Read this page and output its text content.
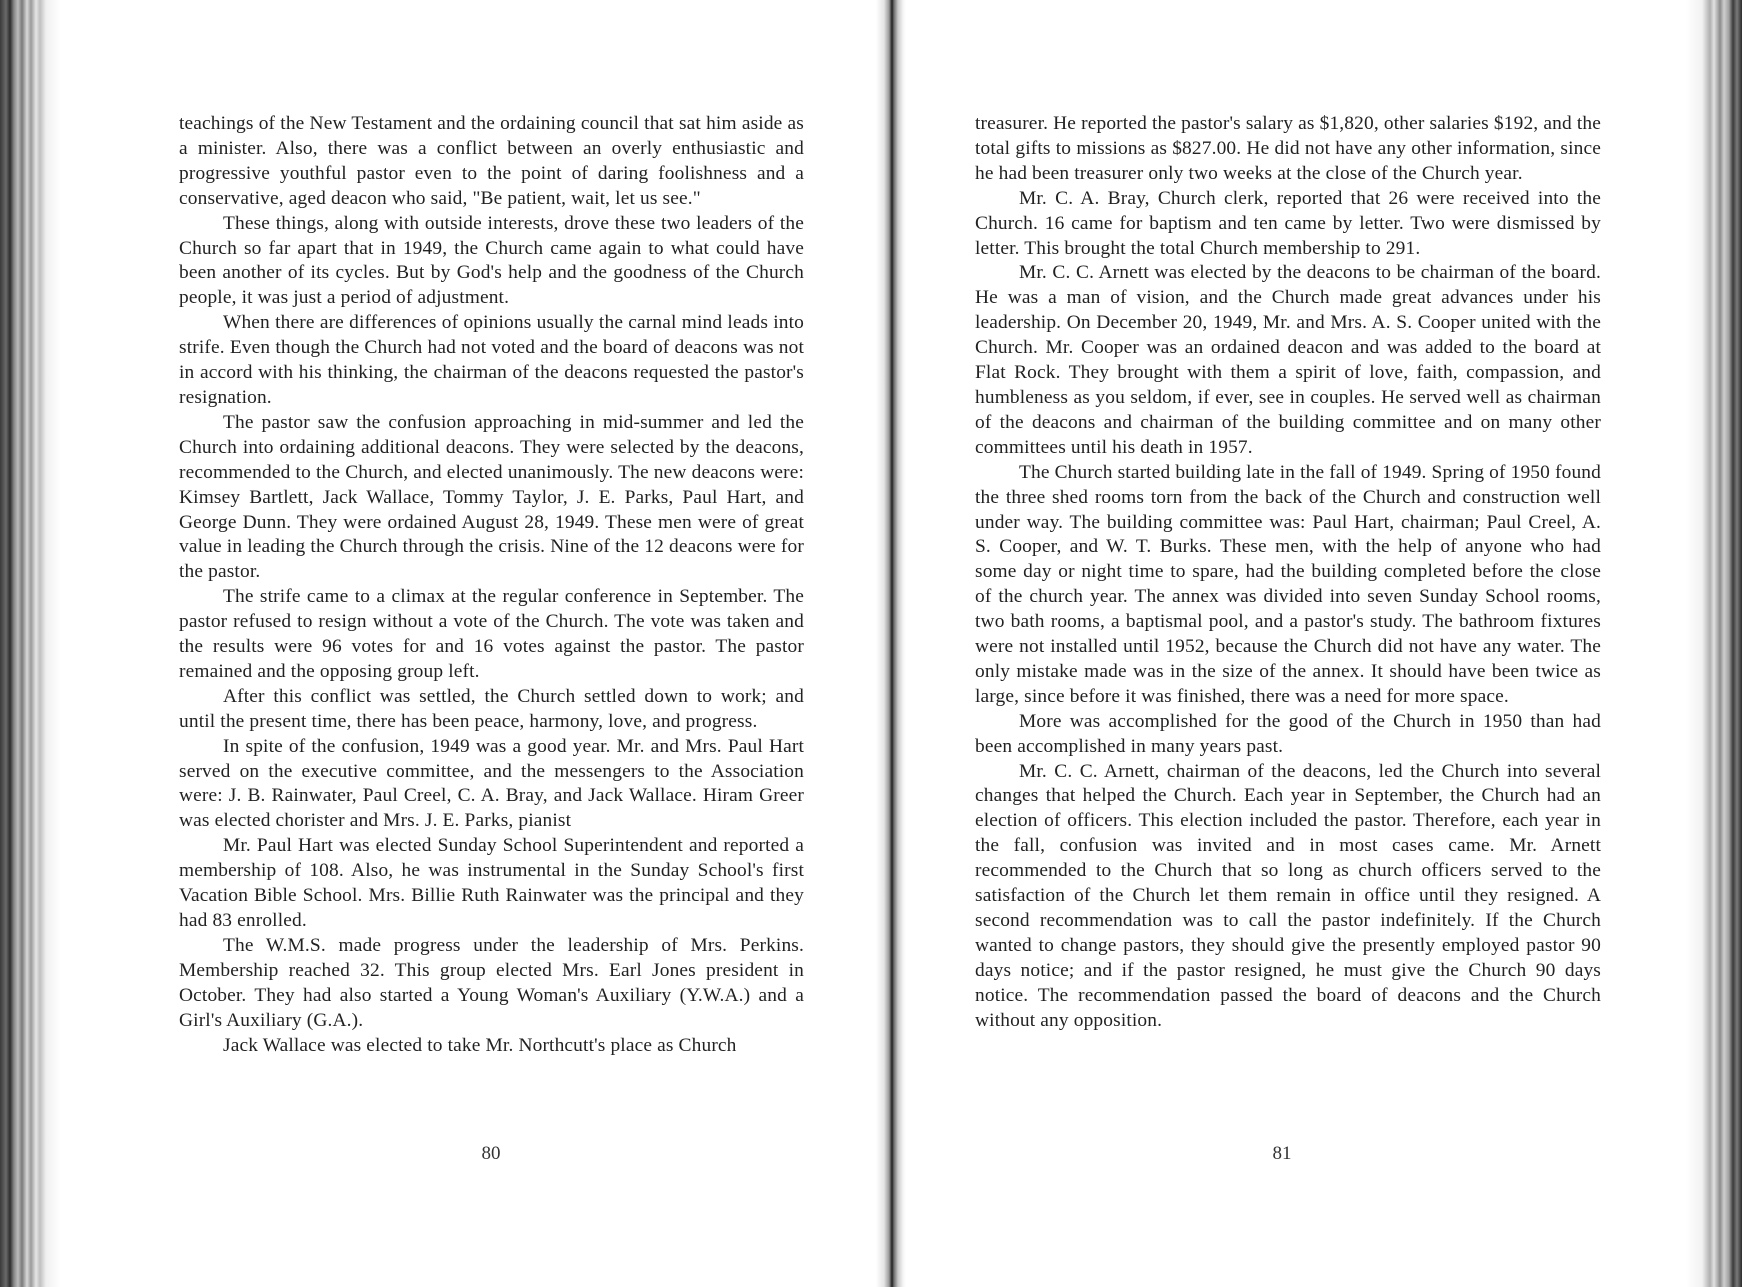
teachings of the New Testament and the ordaining council that sat him aside as a minister. Also, there was a conflict between an overly enthusiastic and progressive youthful pastor even to the point of daring foolishness and a conservative, aged deacon who said, "Be patient, wait, let us see."

These things, along with outside interests, drove these two leaders of the Church so far apart that in 1949, the Church came again to what could have been another of its cycles. But by God's help and the goodness of the Church people, it was just a period of adjustment.

When there are differences of opinions usually the carnal mind leads into strife. Even though the Church had not voted and the board of deacons was not in accord with his thinking, the chairman of the deacons requested the pastor's resignation.

The pastor saw the confusion approaching in mid-summer and led the Church into ordaining additional deacons. They were selected by the deacons, recommended to the Church, and elected unanimously. The new deacons were: Kimsey Bartlett, Jack Wallace, Tommy Taylor, J. E. Parks, Paul Hart, and George Dunn. They were ordained August 28, 1949. These men were of great value in leading the Church through the crisis. Nine of the 12 deacons were for the pastor.

The strife came to a climax at the regular conference in September. The pastor refused to resign without a vote of the Church. The vote was taken and the results were 96 votes for and 16 votes against the pastor. The pastor remained and the opposing group left.

After this conflict was settled, the Church settled down to work; and until the present time, there has been peace, harmony, love, and progress.

In spite of the confusion, 1949 was a good year. Mr. and Mrs. Paul Hart served on the executive committee, and the messengers to the Association were: J. B. Rainwater, Paul Creel, C. A. Bray, and Jack Wallace. Hiram Greer was elected chorister and Mrs. J. E. Parks, pianist

Mr. Paul Hart was elected Sunday School Superintendent and reported a membership of 108. Also, he was instrumental in the Sunday School's first Vacation Bible School. Mrs. Billie Ruth Rainwater was the principal and they had 83 enrolled.

The W.M.S. made progress under the leadership of Mrs. Perkins. Membership reached 32. This group elected Mrs. Earl Jones president in October. They had also started a Young Woman's Auxiliary (Y.W.A.) and a Girl's Auxiliary (G.A.).

Jack Wallace was elected to take Mr. Northcutt's place as Church

treasurer. He reported the pastor's salary as $1,820, other salaries $192, and the total gifts to missions as $827.00. He did not have any other information, since he had been treasurer only two weeks at the close of the Church year.

Mr. C. A. Bray, Church clerk, reported that 26 were received into the Church. 16 came for baptism and ten came by letter. Two were dismissed by letter. This brought the total Church membership to 291.

Mr. C. C. Arnett was elected by the deacons to be chairman of the board. He was a man of vision, and the Church made great advances under his leadership. On December 20, 1949, Mr. and Mrs. A. S. Cooper united with the Church. Mr. Cooper was an ordained deacon and was added to the board at Flat Rock. They brought with them a spirit of love, faith, compassion, and humbleness as you seldom, if ever, see in couples. He served well as chairman of the deacons and chairman of the building committee and on many other committees until his death in 1957.

The Church started building late in the fall of 1949. Spring of 1950 found the three shed rooms torn from the back of the Church and construction well under way. The building committee was: Paul Hart, chairman; Paul Creel, A. S. Cooper, and W. T. Burks. These men, with the help of anyone who had some day or night time to spare, had the building completed before the close of the church year. The annex was divided into seven Sunday School rooms, two bath rooms, a baptismal pool, and a pastor's study. The bathroom fixtures were not installed until 1952, because the Church did not have any water. The only mistake made was in the size of the annex. It should have been twice as large, since before it was finished, there was a need for more space.

More was accomplished for the good of the Church in 1950 than had been accomplished in many years past.

Mr. C. C. Arnett, chairman of the deacons, led the Church into several changes that helped the Church. Each year in September, the Church had an election of officers. This election included the pastor. Therefore, each year in the fall, confusion was invited and in most cases came. Mr. Arnett recommended to the Church that so long as church officers served to the satisfaction of the Church let them remain in office until they resigned. A second recommendation was to call the pastor indefinitely. If the Church wanted to change pastors, they should give the presently employed pastor 90 days notice; and if the pastor resigned, he must give the Church 90 days notice. The recommendation passed the board of deacons and the Church without any opposition.

80	81
